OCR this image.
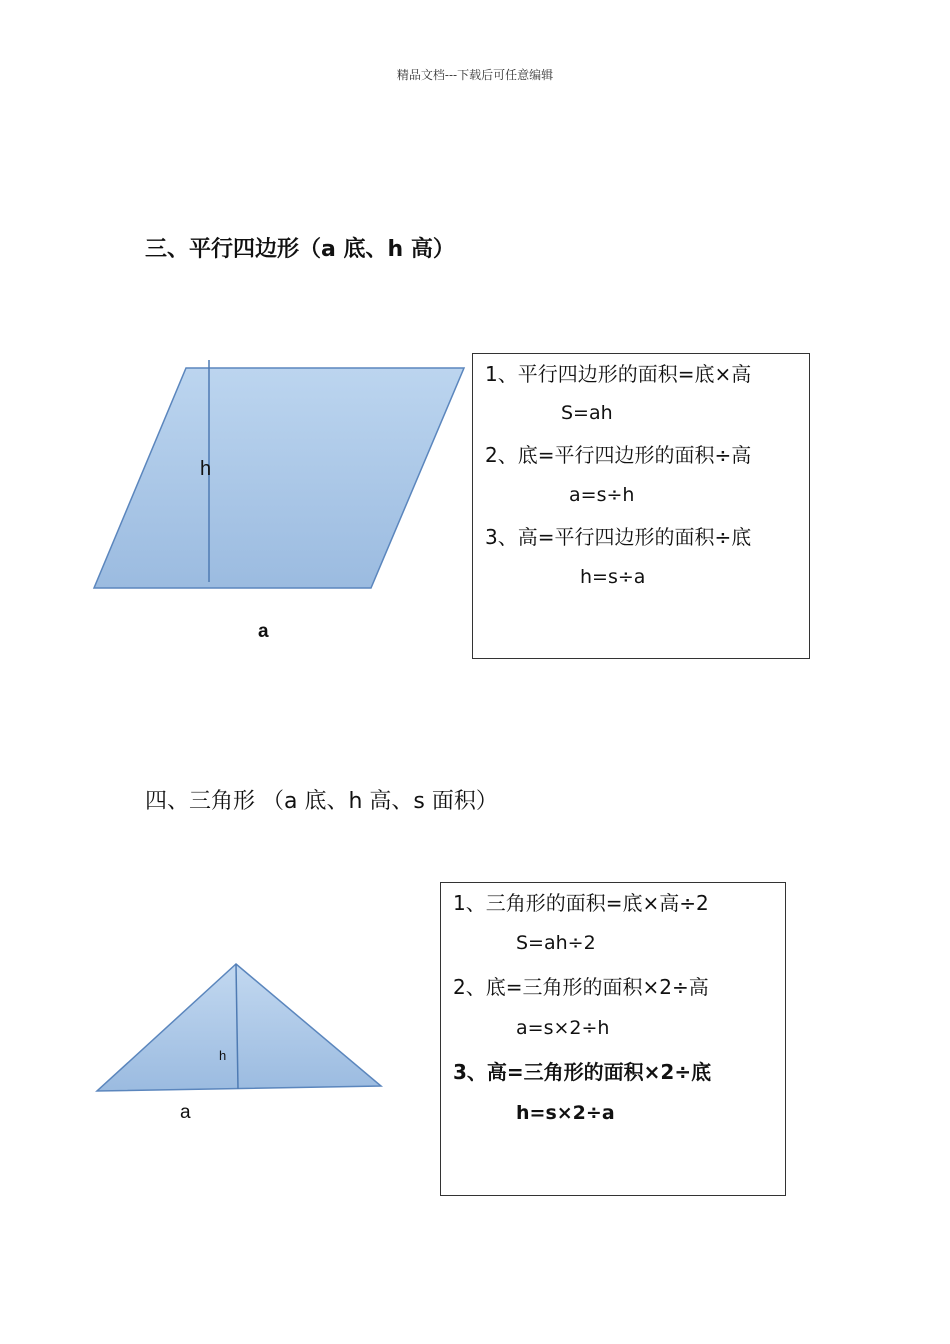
精品文档---下载后可任意编辑
三、平行四边形（a 底、h 高）
h
a
1、平行四边形的面积=底×高
S=ah
2、底=平行四边形的面积÷高
a=s÷h
3、高=平行四边形的面积÷底
h=s÷a
四、三角形 （a 底、h 高、s 面积）
h
a
1、三角形的面积=底×高÷2
S=ah÷2
2、底=三角形的面积×2÷高
a=s×2÷h
3、高=三角形的面积×2÷底
h=s×2÷a
